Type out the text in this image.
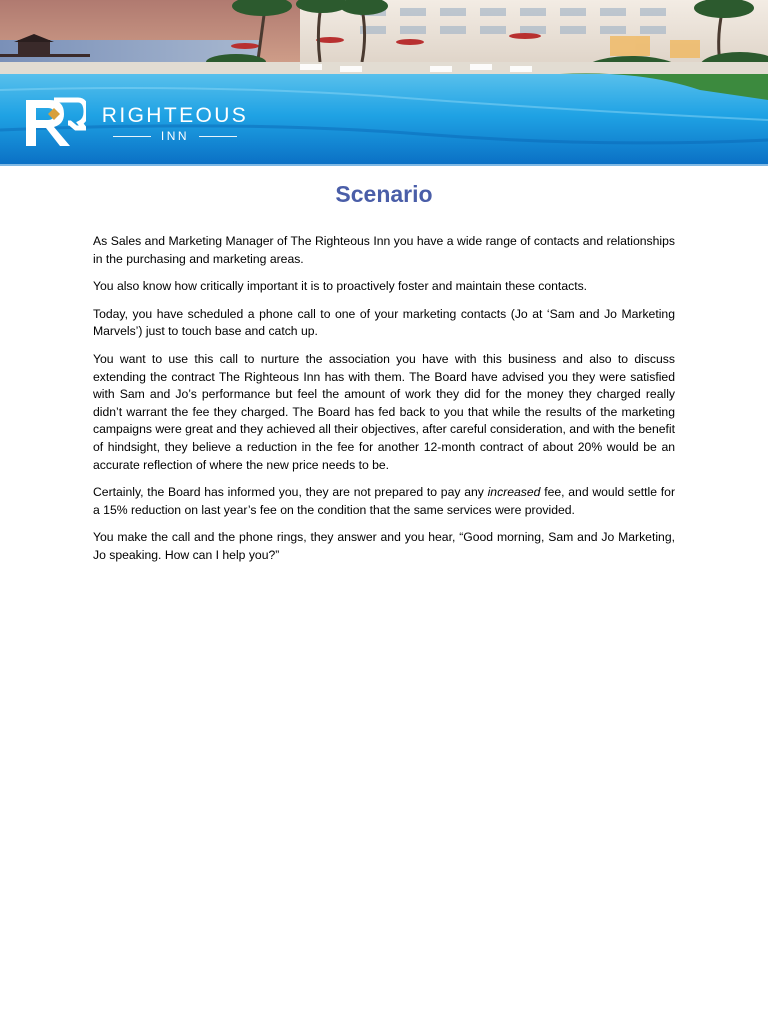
RIGHTEOUS
INN
Scenario

As Sales and Marketing Manager of The Righteous Inn you have a wide range of contacts and relationships in the purchasing and marketing areas.

You also know how critically important it is to proactively foster and maintain these contacts.

Today, you have scheduled a phone call to one of your marketing contacts (Jo at ‘Sam and Jo Marketing Marvels’) just to touch base and catch up.

You want to use this call to nurture the association you have with this business and also to discuss extending the contract The Righteous Inn has with them. The Board have advised you they were satisfied with Sam and Jo’s performance but feel the amount of work they did for the money they charged really didn’t warrant the fee they charged. The Board has fed back to you that while the results of the marketing campaigns were great and they achieved all their objectives, after careful consideration, and with the benefit of hindsight, they believe a reduction in the fee for another 12-month contract of about 20% would be an accurate reflection of where the new price needs to be.

Certainly, the Board has informed you, they are not prepared to pay any increased fee, and would settle for a 15% reduction on last year’s fee on the condition that the same services were provided.

You make the call and the phone rings, they answer and you hear, “Good morning, Sam and Jo Marketing, Jo speaking. How can I help you?”
